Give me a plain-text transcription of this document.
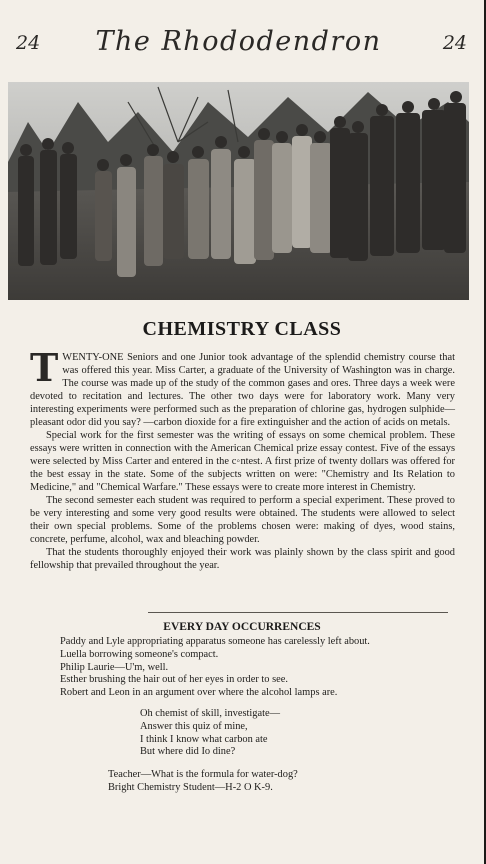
24	The Rhododendron	24
CHEMISTRY CLASS

T WENTY-ONE Seniors and one Junior took advantage of the splendid chemistry course that was offered this year. Miss Carter, a graduate of the University of Washington was in charge. The course was made up of the study of the common gases and ores. Three days a week were devoted to recitation and lectures. The other two days were for laboratory work. Many very interesting experiments were performed such as the preparation of chlorine gas, hydrogen sulphide—pleasant odor did you say? —carbon dioxide for a fire extinguisher and the action of acids on metals.

Special work for the first semester was the writing of essays on some chemical problem. These essays were written in connection with the American Chemical prize essay contest. Five of the essays were selected by Miss Carter and entered in the c◦ntest. A first prize of twenty dollars was offered for the best essay in the state. Some of the subjects written on were: "Chemistry and Its Relation to Medicine," and "Chemical Warfare." These essays were to create more interest in Chemistry.

The second semester each student was required to perform a special experiment. These proved to be very interesting and some very good results were obtained. The students were allowed to select their own special problems. Some of the problems chosen were: making of dyes, wood stains, concrete, perfume, alcohol, wax and bleaching powder.

That the students thoroughly enjoyed their work was plainly shown by the class spirit and good fellowship that prevailed throughout the year.

EVERY DAY OCCURRENCES

Paddy and Lyle appropriating apparatus someone has carelessly left about.

Luella borrowing someone's compact.

Philip Laurie—U'm, well.

Esther brushing the hair out of her eyes in order to see.

Robert and Leon in an argument over where the alcohol lamps are.

Oh chemist of skill, investigate—

Answer this quiz of mine,

I think I know what carbon ate

But where did Io dine?

Teacher—What is the formula for water-dog?

Bright Chemistry Student—H-2 O K-9.
